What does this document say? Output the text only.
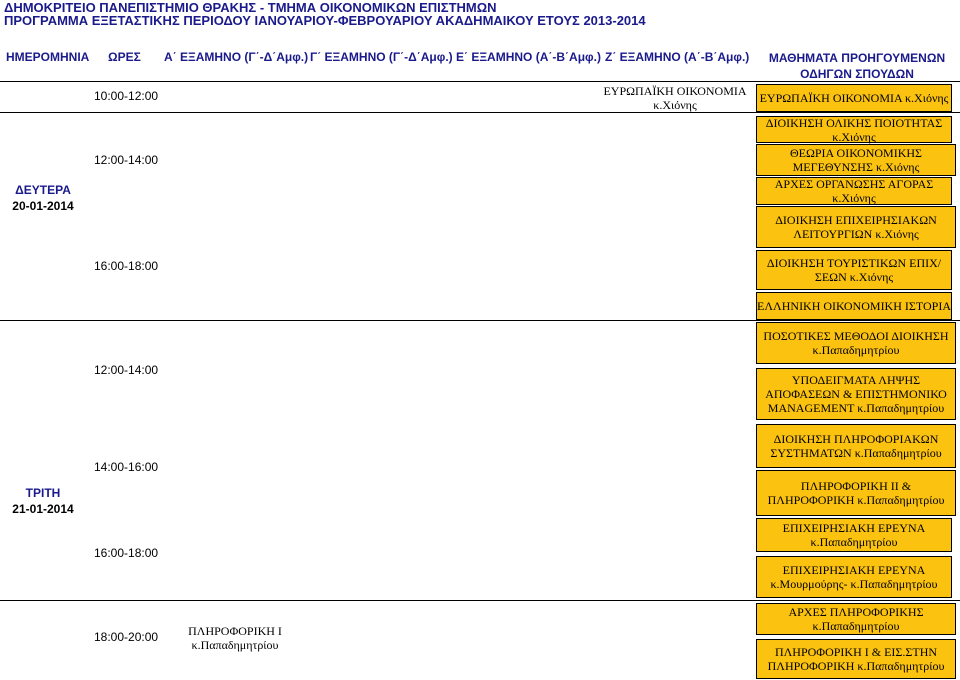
ΔΗΜΟΚΡΙΤΕΙΟ ΠΑΝΕΠΙΣΤΗΜΙΟ ΘΡΑΚΗΣ - ΤΜΗΜΑ ΟΙΚΟΝΟΜΙΚΩΝ ΕΠΙΣΤΗΜΩΝ
ΠΡΟΓΡΑΜΜΑ ΕΞΕΤΑΣΤΙΚΗΣ ΠΕΡΙΟΔΟΥ ΙΑΝΟΥΑΡΙΟΥ-ΦΕΒΡΟΥΑΡΙΟΥ ΑΚΑΔΗΜΑΙΚΟΥ ΕΤΟΥΣ 2013-2014
ΗΜΕΡΟΜΗΝΙΑ ΩΡΕΣ Α΄ ΕΞΑΜΗΝΟ (Γ΄-Δ΄Αμφ.) Γ΄ ΕΞΑΜΗΝΟ (Γ΄-Δ΄Αμφ.) Ε΄ ΕΞΑΜΗΝΟ (Α΄-Β΄Αμφ.) Ζ΄ ΕΞΑΜΗΝΟ (Α΄-Β΄Αμφ.)	ΜΑΘΗΜΑΤΑ ΠΡΟΗΓΟΥΜΕΝΩΝ ΟΔΗΓΩΝ ΣΠΟΥΔΩΝ
ΔΕΥΤΕΡΑ
20-01-2014
ΤΡΙΤΗ
21-01-2014
10:00-12:00
12:00-14:00
16:00-18:00
12:00-14:00
14:00-16:00
16:00-18:00
18:00-20:00
ΕΥΡΩΠΑΪΚΗ ΟΙΚΟΝΟΜΙΑ κ.Χιόνης
ΠΛΗΡΟΦΟΡΙΚΗ Ι κ.Παπαδημητρίου
ΕΥΡΩΠΑΪΚΗ ΟΙΚΟΝΟΜΙΑ κ.Χιόνης
ΔΙΟΙΚΗΣΗ ΟΛΙΚΗΣ ΠΟΙΟΤΗΤΑΣ κ.Χιόνης
ΘΕΩΡΙΑ ΟΙΚΟΝΟΜΙΚΗΣ ΜΕΓΕΘΥΝΣΗΣ κ.Χιόνης
ΑΡΧΕΣ ΟΡΓΑΝΩΣΗΣ ΑΓΟΡΑΣ κ.Χιόνης
ΔΙΟΙΚΗΣΗ ΕΠΙΧΕΙΡΗΣΙΑΚΩΝ ΛΕΙΤΟΥΡΓΙΩΝ κ.Χιόνης
ΔΙΟΙΚΗΣΗ ΤΟΥΡΙΣΤΙΚΩΝ ΕΠΙΧ/ΣΕΩΝ κ.Χιόνης
ΕΛΛΗΝΙΚΗ ΟΙΚΟΝΟΜΙΚΗ ΙΣΤΟΡΙΑ
ΠΟΣΟΤΙΚΕΣ ΜΕΘΟΔΟΙ ΔΙΟΙΚΗΣΗ κ.Παπαδημητρίου
ΥΠΟΔΕΙΓΜΑΤΑ ΛΗΨΗΣ ΑΠΟΦΑΣΕΩΝ & ΕΠΙΣΤΗΜΟΝΙΚΟ MANAGEMENT κ.Παπαδημητρίου
ΔΙΟΙΚΗΣΗ ΠΛΗΡΟΦΟΡΙΑΚΩΝ ΣΥΣΤΗΜΑΤΩΝ κ.Παπαδημητρίου
ΠΛΗΡΟΦΟΡΙΚΗ ΙΙ & ΠΛΗΡΟΦΟΡΙΚΗ κ.Παπαδημητρίου
ΕΠΙΧΕΙΡΗΣΙΑΚΗ ΕΡΕΥΝΑ κ.Παπαδημητρίου
ΕΠΙΧΕΙΡΗΣΙΑΚΗ ΕΡΕΥΝΑ κ.Μουρμούρης- κ.Παπαδημητρίου
ΑΡΧΕΣ ΠΛΗΡΟΦΟΡΙΚΗΣ κ.Παπαδημητρίου
ΠΛΗΡΟΦΟΡΙΚΗ Ι & ΕΙΣ.ΣΤΗΝ ΠΛΗΡΟΦΟΡΙΚΗ κ.Παπαδημητρίου
